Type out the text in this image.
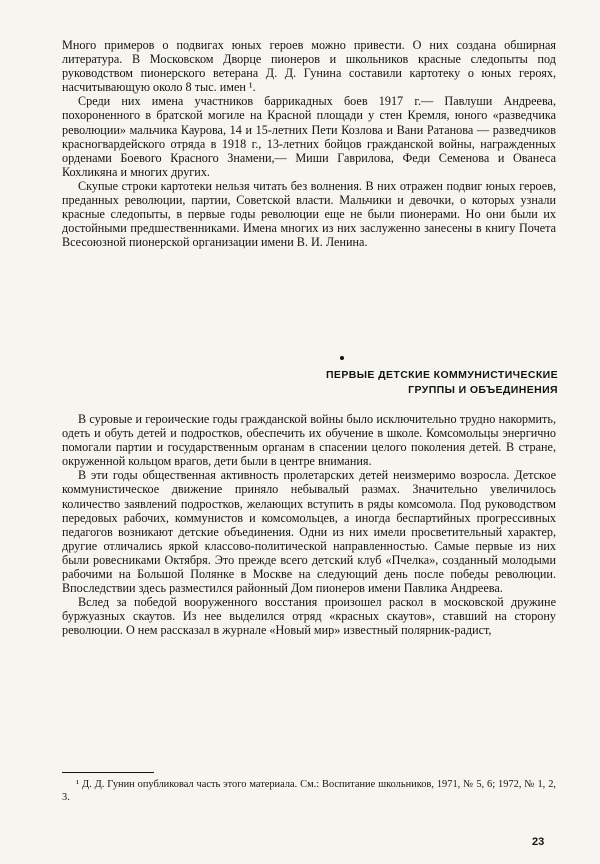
Много примеров о подвигах юных героев можно привести. О них создана обширная литература. В Московском Дворце пионеров и школьников красные следопыты под руководством пионерского ветерана Д. Д. Гунина составили картотеку о юных героях, насчитывающую около 8 тыс. имен ¹.

Среди них имена участников баррикадных боев 1917 г.— Павлуши Андреева, похороненного в братской могиле на Красной площади у стен Кремля, юного «разведчика революции» мальчика Каурова, 14 и 15-летних Пети Козлова и Вани Ратанова — разведчиков красногвардейского отряда в 1918 г., 13-летних бойцов гражданской войны, награжденных орденами Боевого Красного Знамени,— Миши Гаврилова, Феди Семенова и Ованеса Кохликяна и многих других.

Скупые строки картотеки нельзя читать без волнения. В них отражен подвиг юных героев, преданных революции, партии, Советской власти. Мальчики и девочки, о которых узнали красные следопыты, в первые годы революции еще не были пионерами. Но они были их достойными предшественниками. Имена многих из них заслуженно занесены в книгу Почета Всесоюзной пионерской организации имени В. И. Ленина.

ПЕРВЫЕ ДЕТСКИЕ КОММУНИСТИЧЕСКИЕ
ГРУППЫ И ОБЪЕДИНЕНИЯ

В суровые и героические годы гражданской войны было исключительно трудно накормить, одеть и обуть детей и подростков, обеспечить их обучение в школе. Комсомольцы энергично помогали партии и государственным органам в спасении целого поколения детей. В стране, окруженной кольцом врагов, дети были в центре внимания.

В эти годы общественная активность пролетарских детей неизмеримо возросла. Детское коммунистическое движение приняло небывалый размах. Значительно увеличилось количество заявлений подростков, желающих вступить в ряды комсомола. Под руководством передовых рабочих, коммунистов и комсомольцев, а иногда беспартийных прогрессивных педагогов возникают детские объединения. Одни из них имели просветительный характер, другие отличались яркой классово-политической направленностью. Самые первые из них были ровесниками Октября. Это прежде всего детский клуб «Пчелка», созданный молодыми рабочими на Большой Полянке в Москве на следующий день после победы революции. Впоследствии здесь разместился районный Дом пионеров имени Павлика Андреева.

Вслед за победой вооруженного восстания произошел раскол в московской дружине буржуазных скаутов. Из нее выделился отряд «красных скаутов», ставший на сторону революции. О нем рассказал в журнале «Новый мир» известный полярник-радист,

¹ Д. Д. Гунин опубликовал часть этого материала. См.: Воспитание школьников, 1971, № 5, 6; 1972, № 1, 2, 3.

23
